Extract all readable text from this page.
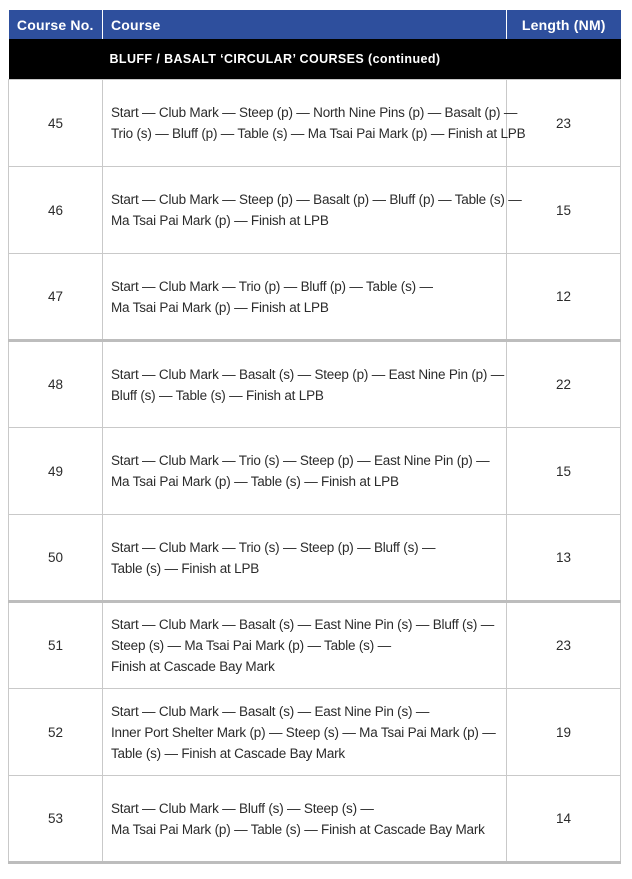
Course No.	Course	Length (NM)
BLUFF / BASALT ‘CIRCULAR’ COURSES (continued)		
45	Start — Club Mark — Steep (p) — North Nine Pins (p) — Basalt (p) —
Trio (s) — Bluff (p) — Table (s) — Ma Tsai Pai Mark (p) — Finish at LPB	23
46	Start — Club Mark — Steep (p) — Basalt (p) — Bluff (p) — Table (s) —
Ma Tsai Pai Mark (p) — Finish at LPB	15
47	Start — Club Mark — Trio (p) — Bluff (p) — Table (s) —
Ma Tsai Pai Mark (p) — Finish at LPB	12
48	Start — Club Mark — Basalt (s) — Steep (p) — East Nine Pin (p) —
Bluff (s) — Table (s) — Finish at LPB	22
49	Start — Club Mark — Trio (s) — Steep (p) — East Nine Pin (p) —
Ma Tsai Pai Mark (p) — Table (s) — Finish at LPB	15
50	Start — Club Mark — Trio (s) — Steep (p) — Bluff (s) —
Table (s) — Finish at LPB	13
51	Start — Club Mark — Basalt (s) — East Nine Pin (s) — Bluff (s) —
Steep (s) — Ma Tsai Pai Mark (p) — Table (s) —
Finish at Cascade Bay Mark	23
52	Start — Club Mark — Basalt (s) — East Nine Pin (s) —
Inner Port Shelter Mark (p) — Steep (s) — Ma Tsai Pai Mark (p) —
Table (s) — Finish at Cascade Bay Mark	19
53	Start — Club Mark — Bluff (s) — Steep (s) —
Ma Tsai Pai Mark (p) — Table (s) — Finish at Cascade Bay Mark	14
